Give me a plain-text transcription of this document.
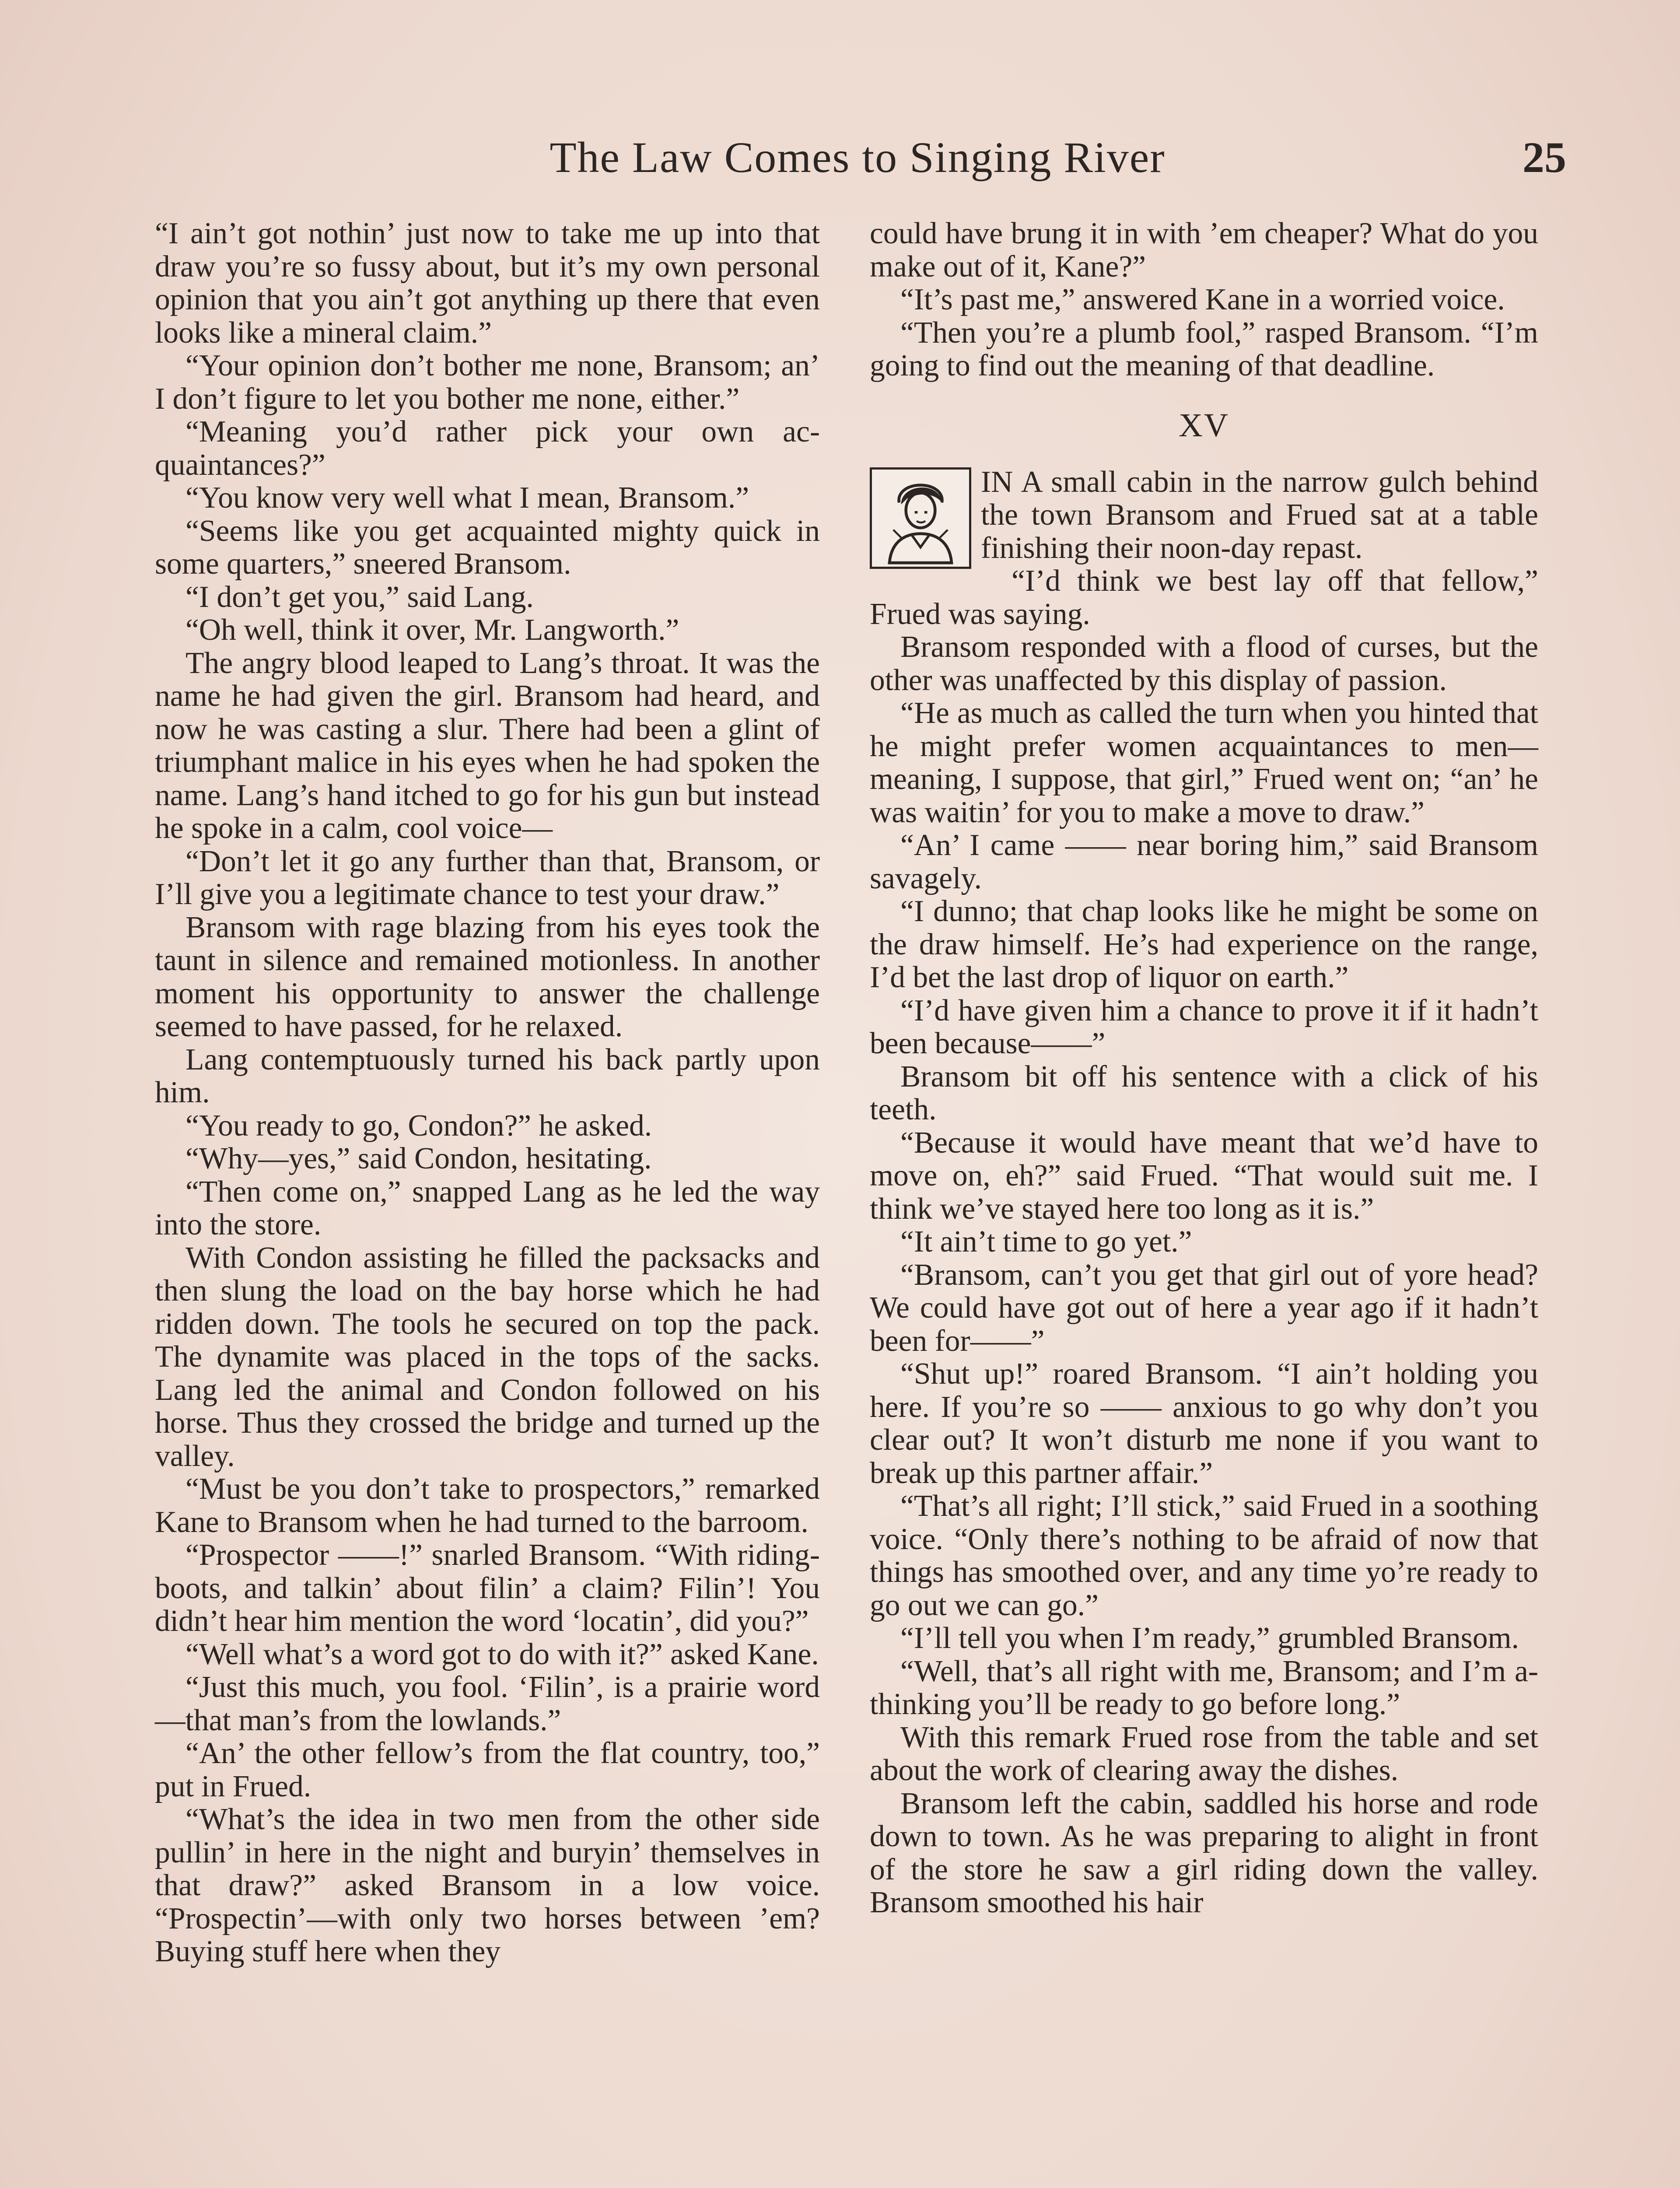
The Law Comes to Singing River	25

“I ain’t got nothin’ just now to take me up into that draw you’re so fussy about, but it’s my own personal opinion that you ain’t got anything up there that even looks like a mineral claim.”

“Your opinion don’t bother me none, Bransom; an’ I don’t figure to let you bother me none, either.”

“Meaning you’d rather pick your own acquaintances?”

“You know very well what I mean, Bransom.”

“Seems like you get acquainted mighty quick in some quarters,” sneered Bransom.

“I don’t get you,” said Lang.

“Oh well, think it over, Mr. Langworth.”

The angry blood leaped to Lang’s throat. It was the name he had given the girl. Bransom had heard, and now he was casting a slur. There had been a glint of triumphant malice in his eyes when he had spoken the name. Lang’s hand itched to go for his gun but instead he spoke in a calm, cool voice—

“Don’t let it go any further than that, Bransom, or I’ll give you a legitimate chance to test your draw.”

Bransom with rage blazing from his eyes took the taunt in silence and remained motionless. In another moment his opportunity to answer the challenge seemed to have passed, for he relaxed.

Lang contemptuously turned his back partly upon him.

“You ready to go, Condon?” he asked.

“Why—yes,” said Condon, hesitating.

“Then come on,” snapped Lang as he led the way into the store.

With Condon assisting he filled the packsacks and then slung the load on the bay horse which he had ridden down. The tools he secured on top the pack. The dynamite was placed in the tops of the sacks. Lang led the animal and Condon followed on his horse. Thus they crossed the bridge and turned up the valley.

“Must be you don’t take to prospectors,” remarked Kane to Bransom when he had turned to the barroom.

“Prospector ——!” snarled Bransom. “With riding-boots, and talkin’ about filin’ a claim? Filin’! You didn’t hear him mention the word ‘locatin’, did you?”

“Well what’s a word got to do with it?” asked Kane.

“Just this much, you fool. ‘Filin’, is a prairie word—that man’s from the lowlands.”

“An’ the other fellow’s from the flat country, too,” put in Frued.

“What’s the idea in two men from the other side pullin’ in here in the night and buryin’ themselves in that draw?” asked Bransom in a low voice. “Prospectin’—with only two horses between ’em? Buying stuff here when they

could have brung it in with ’em cheaper? What do you make out of it, Kane?”

“It’s past me,” answered Kane in a worried voice.

“Then you’re a plumb fool,” rasped Bransom. “I’m going to find out the meaning of that deadline.

XV

IN A small cabin in the narrow gulch behind the town Bransom and Frued sat at a table finishing their noon-day repast.

“I’d think we best lay off that fellow,” Frued was saying.

Bransom responded with a flood of curses, but the other was unaffected by this display of passion.

“He as much as called the turn when you hinted that he might prefer women acquaintances to men—meaning, I suppose, that girl,” Frued went on; “an’ he was waitin’ for you to make a move to draw.”

“An’ I came —— near boring him,” said Bransom savagely.

“I dunno; that chap looks like he might be some on the draw himself. He’s had experience on the range, I’d bet the last drop of liquor on earth.”

“I’d have given him a chance to prove it if it hadn’t been because——”

Bransom bit off his sentence with a click of his teeth.

“Because it would have meant that we’d have to move on, eh?” said Frued. “That would suit me. I think we’ve stayed here too long as it is.”

“It ain’t time to go yet.”

“Bransom, can’t you get that girl out of yore head? We could have got out of here a year ago if it hadn’t been for——”

“Shut up!” roared Bransom. “I ain’t holding you here. If you’re so —— anxious to go why don’t you clear out? It won’t disturb me none if you want to break up this partner affair.”

“That’s all right; I’ll stick,” said Frued in a soothing voice. “Only there’s nothing to be afraid of now that things has smoothed over, and any time yo’re ready to go out we can go.”

“I’ll tell you when I’m ready,” grumbled Bransom.

“Well, that’s all right with me, Bransom; and I’m a-thinking you’ll be ready to go before long.”

With this remark Frued rose from the table and set about the work of clearing away the dishes.

Bransom left the cabin, saddled his horse and rode down to town. As he was preparing to alight in front of the store he saw a girl riding down the valley. Bransom smoothed his hair
